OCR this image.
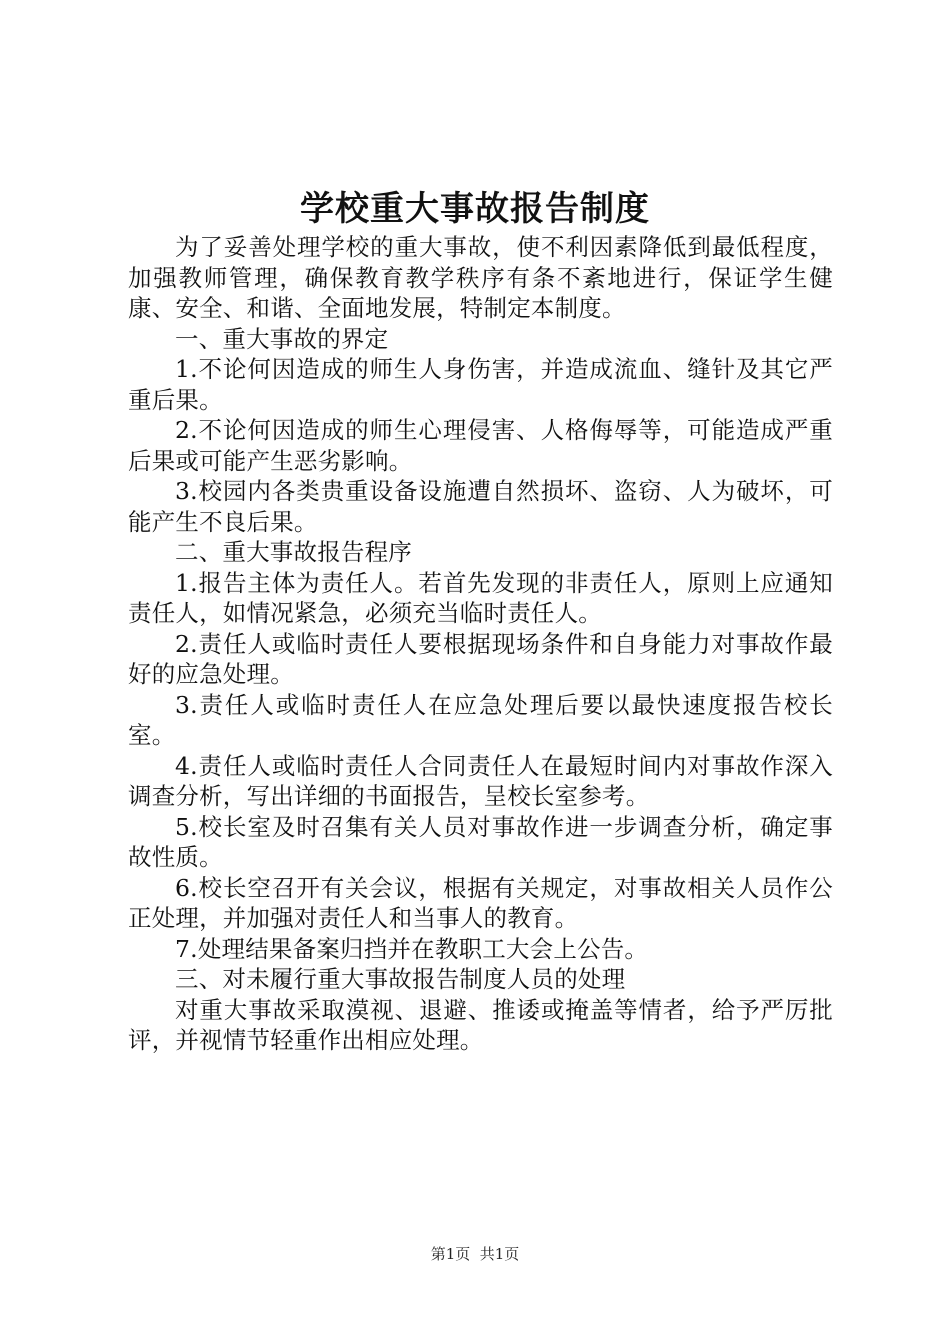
学校重大事故报告制度

为了妥善处理学校的重大事故，使不利因素降低到最低程度，加强教师管理，确保教育教学秩序有条不紊地进行，保证学生健康、安全、和谐、全面地发展，特制定本制度。

一、重大事故的界定

1.不论何因造成的师生人身伤害，并造成流血、缝针及其它严重后果。

2.不论何因造成的师生心理侵害、人格侮辱等，可能造成严重后果或可能产生恶劣影响。

3.校园内各类贵重设备设施遭自然损坏、盗窃、人为破坏，可能产生不良后果。

二、重大事故报告程序

1.报告主体为责任人。若首先发现的非责任人，原则上应通知责任人，如情况紧急，必须充当临时责任人。

2.责任人或临时责任人要根据现场条件和自身能力对事故作最好的应急处理。

3.责任人或临时责任人在应急处理后要以最快速度报告校长室。

4.责任人或临时责任人合同责任人在最短时间内对事故作深入调查分析，写出详细的书面报告，呈校长室参考。

5.校长室及时召集有关人员对事故作进一步调查分析，确定事故性质。

6.校长空召开有关会议，根据有关规定，对事故相关人员作公正处理，并加强对责任人和当事人的教育。

7.处理结果备案归挡并在教职工大会上公告。

三、对未履行重大事故报告制度人员的处理

对重大事故采取漠视、退避、推诿或掩盖等情者，给予严厉批评，并视情节轻重作出相应处理。

第1页  共1页
